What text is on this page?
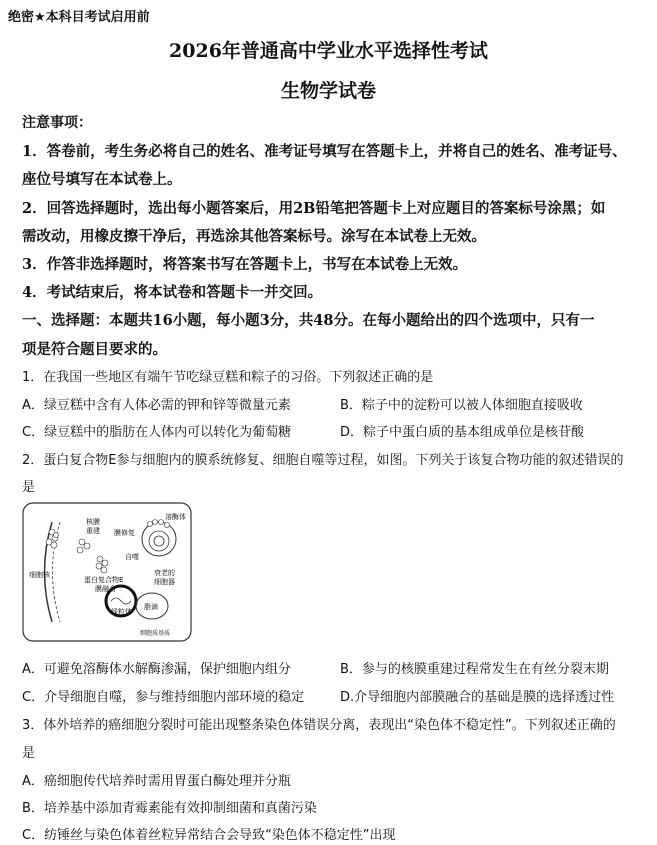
绝密★本科目考试启用前
2026年普通高中学业水平选择性考试
生物学试卷
注意事项：
1．答卷前，考生务必将自己的姓名、准考证号填写在答题卡上，并将自己的姓名、准考证号、
座位号填写在本试卷上。
2．回答选择题时，选出每小题答案后，用2B铅笔把答题卡上对应题目的答案标号涂黑；如
需改动，用橡皮擦干净后，再选涂其他答案标号。涂写在本试卷上无效。
3．作答非选择题时，将答案书写在答题卡上，书写在本试卷上无效。
4．考试结束后，将本试卷和答题卡一并交回。
一、选择题：本题共16小题，每小题3分，共48分。在每小题给出的四个选项中，只有一
项是符合题目要求的。
1．在我国一些地区有端午节吃绿豆糕和粽子的习俗。下列叙述正确的是
A．绿豆糕中含有人体必需的钾和锌等微量元素	B．粽子中的淀粉可以被人体细胞直接吸收
C．绿豆糕中的脂肪在人体内可以转化为葡萄糖	D．粽子中蛋白质的基本组成单位是核苷酸
2．蛋白复合物E参与细胞内的膜系统修复、细胞自噬等过程，如图。下列关于该复合物功能的叙述错误的
是
细胞核
核膜
重建 膜修复
溶酶体
自噬
蛋白复合物E
衰老的
细胞器
膜融合
线粒体
脂滴
细胞质基质
A．可避免溶酶体水解酶渗漏，保护细胞内组分	B．参与的核膜重建过程常发生在有丝分裂末期
C．介导细胞自噬，参与维持细胞内部环境的稳定	D.介导细胞内部膜融合的基础是膜的选择透过性
3．体外培养的癌细胞分裂时可能出现整条染色体错误分离，表现出“染色体不稳定性”。下列叙述正确的
是
A．癌细胞传代培养时需用胃蛋白酶处理并分瓶
B．培养基中添加青霉素能有效抑制细菌和真菌污染
C．纺锤丝与染色体着丝粒异常结合会导致“染色体不稳定性”出现
